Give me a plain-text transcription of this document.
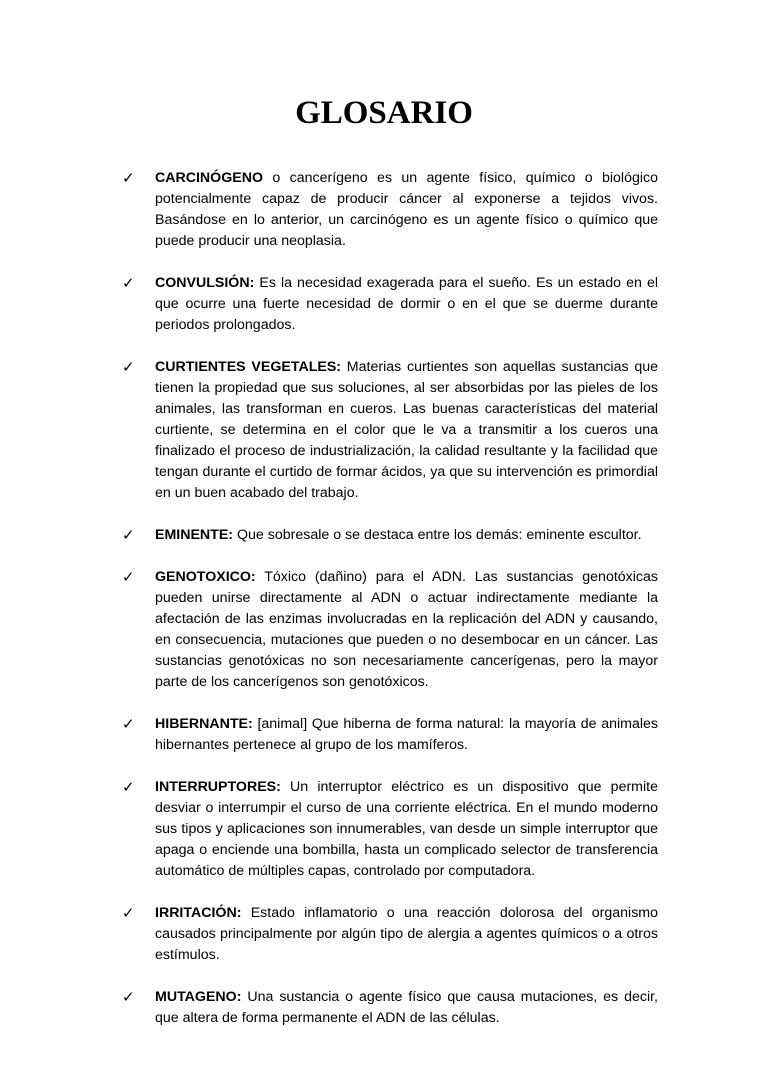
GLOSARIO
✓	CARCINÓGENO o cancerígeno es un agente físico, químico o biológico potencialmente capaz de producir cáncer al exponerse a tejidos vivos. Basándose en lo anterior, un carcinógeno es un agente físico o químico que puede producir una neoplasia.
✓	CONVULSIÓN: Es la necesidad exagerada para el sueño. Es un estado en el que ocurre una fuerte necesidad de dormir o en el que se duerme durante periodos prolongados.
✓	CURTIENTES VEGETALES: Materias curtientes son aquellas sustancias que tienen la propiedad que sus soluciones, al ser absorbidas por las pieles de los animales, las transforman en cueros. Las buenas características del material curtiente, se determina en el color que le va a transmitir a los cueros una finalizado el proceso de industrialización, la calidad resultante y la facilidad que tengan durante el curtido de formar ácidos, ya que su intervención es primordial en un buen acabado del trabajo.
✓	EMINENTE: Que sobresale o se destaca entre los demás: eminente escultor.
✓	GENOTOXICO: Tóxico (dañino) para el ADN. Las sustancias genotóxicas pueden unirse directamente al ADN o actuar indirectamente mediante la afectación de las enzimas involucradas en la replicación del ADN y causando, en consecuencia, mutaciones que pueden o no desembocar en un cáncer. Las sustancias genotóxicas no son necesariamente cancerígenas, pero la mayor parte de los cancerígenos son genotóxicos.
✓	HIBERNANTE: [animal] Que hiberna de forma natural: la mayoría de animales hibernantes pertenece al grupo de los mamíferos.
✓	INTERRUPTORES: Un interruptor eléctrico es un dispositivo que permite desviar o interrumpir el curso de una corriente eléctrica. En el mundo moderno sus tipos y aplicaciones son innumerables, van desde un simple interruptor que apaga o enciende una bombilla, hasta un complicado selector de transferencia automático de múltiples capas, controlado por computadora.
✓	IRRITACIÓN: Estado inflamatorio o una reacción dolorosa del organismo causados principalmente por algún tipo de alergia a agentes químicos o a otros estímulos.
✓	MUTAGENO: Una sustancia o agente físico que causa mutaciones, es decir, que altera de forma permanente el ADN de las células.
